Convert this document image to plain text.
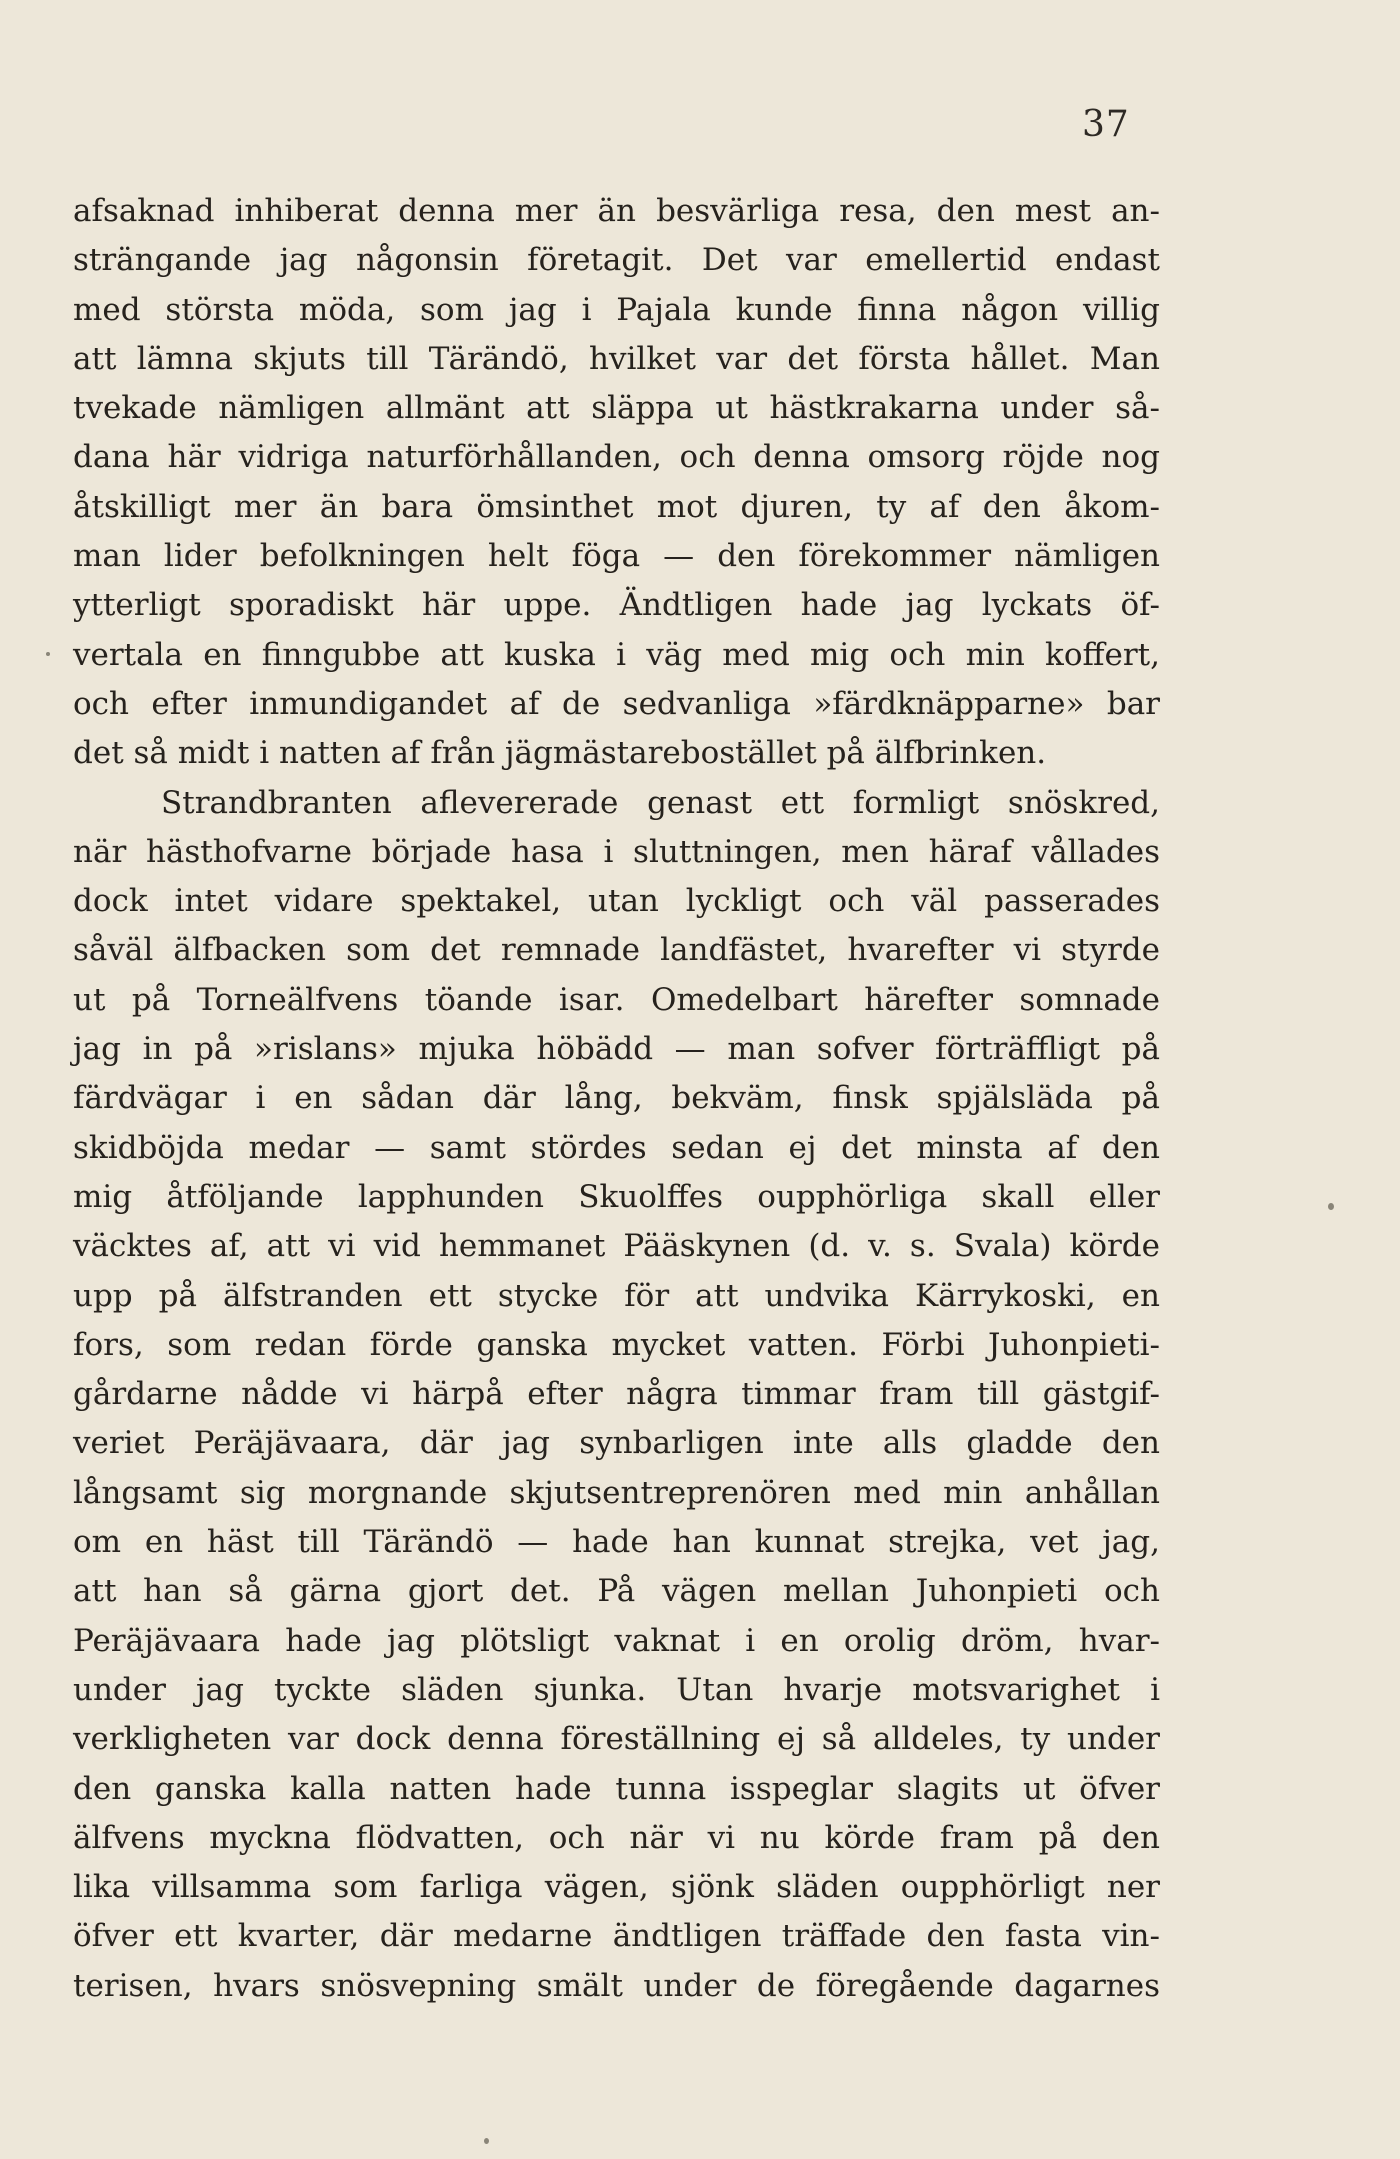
37
afsaknad inhiberat denna mer än besvärliga resa, den mest an-
strängande jag någonsin företagit. Det var emellertid endast
med största möda, som jag i Pajala kunde finna någon villig
att lämna skjuts till Tärändö, hvilket var det första hållet. Man
tvekade nämligen allmänt att släppa ut hästkrakarna under så-
dana här vidriga naturförhållanden, och denna omsorg röjde nog
åtskilligt mer än bara ömsinthet mot djuren, ty af den åkom-
man lider befolkningen helt föga — den förekommer nämligen
ytterligt sporadiskt här uppe. Ändtligen hade jag lyckats öf-
vertala en finngubbe att kuska i väg med mig och min koffert,
och efter inmundigandet af de sedvanliga »färdknäpparne» bar
det så midt i natten af från jägmästarebostället på älfbrinken.
Strandbranten aflevererade genast ett formligt snöskred,
när hästhofvarne började hasa i sluttningen, men häraf vållades
dock intet vidare spektakel, utan lyckligt och väl passerades
såväl älfbacken som det remnade landfästet, hvarefter vi styrde
ut på Torneälfvens töande isar. Omedelbart härefter somnade
jag in på »rislans» mjuka höbädd — man sofver förträffligt på
färdvägar i en sådan där lång, bekväm, finsk spjälsläda på
skidböjda medar — samt stördes sedan ej det minsta af den
mig åtföljande lapphunden Skuolffes oupphörliga skall eller
väcktes af, att vi vid hemmanet Pääskynen (d. v. s. Svala) körde
upp på älfstranden ett stycke för att undvika Kärrykoski, en
fors, som redan förde ganska mycket vatten. Förbi Juhonpieti-
gårdarne nådde vi härpå efter några timmar fram till gästgif-
veriet Peräjävaara, där jag synbarligen inte alls gladde den
långsamt sig morgnande skjutsentreprenören med min anhållan
om en häst till Tärändö — hade han kunnat strejka, vet jag,
att han så gärna gjort det. På vägen mellan Juhonpieti och
Peräjävaara hade jag plötsligt vaknat i en orolig dröm, hvar-
under jag tyckte släden sjunka. Utan hvarje motsvarighet i
verkligheten var dock denna föreställning ej så alldeles, ty under
den ganska kalla natten hade tunna isspeglar slagits ut öfver
älfvens myckna flödvatten, och när vi nu körde fram på den
lika villsamma som farliga vägen, sjönk släden oupphörligt ner
öfver ett kvarter, där medarne ändtligen träffade den fasta vin-
terisen, hvars snösvepning smält under de föregående dagarnes
